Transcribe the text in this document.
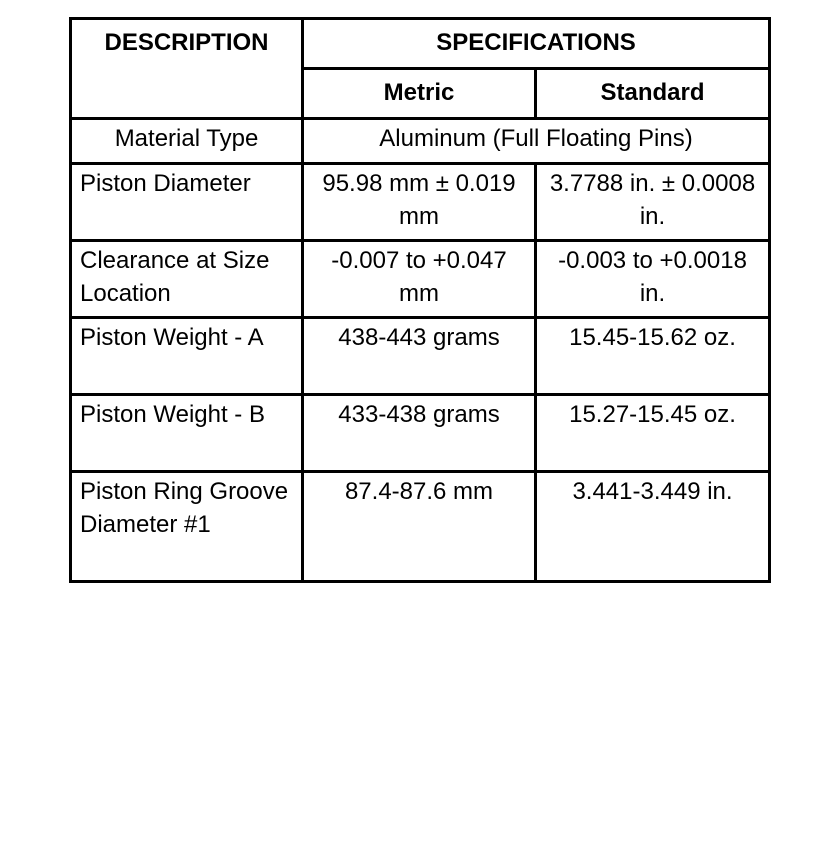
DESCRIPTION	SPECIFICATIONS	
	Metric	Standard
Material Type	Aluminum (Full Floating Pins)	
Piston Diameter	95.98 mm ± 0.019 mm	3.7788 in. ± 0.0008 in.
Clearance at Size Location	-0.007 to +0.047 mm	-0.003 to +0.0018 in.
Piston Weight - A	438-443 grams	15.45-15.62 oz.
Piston Weight - B	433-438 grams	15.27-15.45 oz.
Piston Ring Groove Diameter #1	87.4-87.6 mm	3.441-3.449 in.
